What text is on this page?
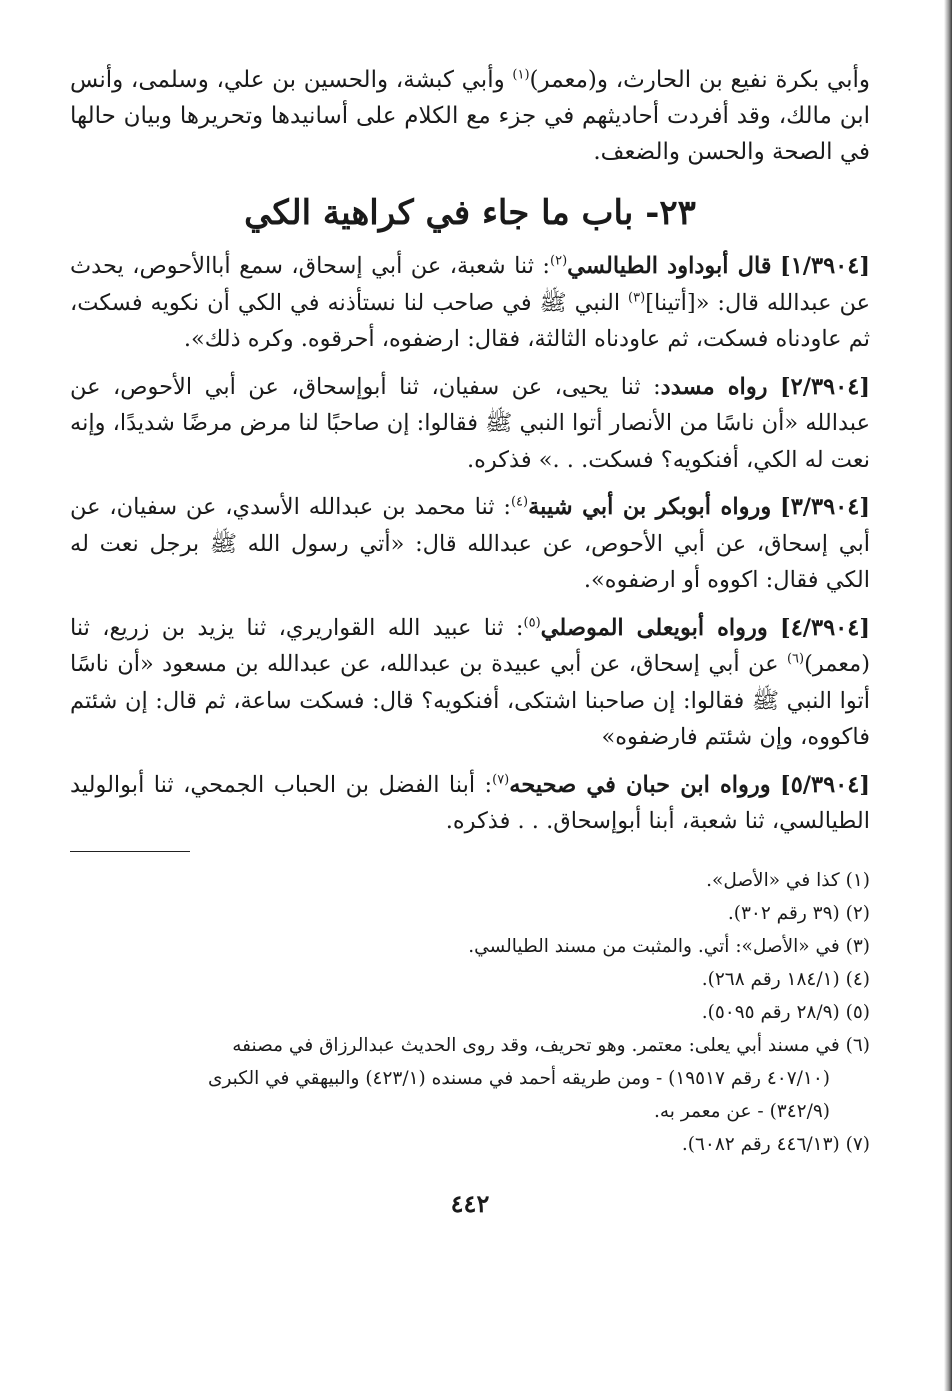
وأبي بكرة نفيع بن الحارث، و(معمر)$^{(١)}$ وأبي كبشة، والحسين بن علي، وسلمى، وأنس ابن مالك، وقد أفردت أحاديثهم في جزء مع الكلام على أسانيدها وتحريرها وبيان حالها في الصحة والحسن والضعف.

٢٣- باب ما جاء في كراهية الكي
[١/٣٩٠٤] قال أبوداود الطيالسي$^{(٢)}$: ثنا شعبة، عن أبي إسحاق، سمع أباالأحوص، يحدث عن عبدالله قال: «[أتينا]$^{(٣)}$ النبي ﷺ في صاحب لنا نستأذنه في الكي أن نكويه فسكت، ثم عاودناه فسكت، ثم عاودناه الثالثة، فقال: ارضفوه، أحرقوه. وكره ذلك».
[٢/٣٩٠٤] رواه مسدد: ثنا يحيى، عن سفيان، ثنا أبوإسحاق، عن أبي الأحوص، عن عبدالله «أن ناسًا من الأنصار أتوا النبي ﷺ فقالوا: إن صاحبًا لنا مرض مرضًا شديدًا، وإنه نعت له الكي، أفنكويه؟ فسكت. . .» فذكره.
[٣/٣٩٠٤] ورواه أبوبكر بن أبي شيبة$^{(٤)}$: ثنا محمد بن عبدالله الأسدي، عن سفيان، عن أبي إسحاق، عن أبي الأحوص، عن عبدالله قال: «أتي رسول الله ﷺ برجل نعت له الكي فقال: اكووه أو ارضفوه».
[٤/٣٩٠٤] ورواه أبويعلى الموصلي$^{(٥)}$: ثنا عبيد الله القواريري، ثنا يزيد بن زريع، ثنا (معمر)$^{(٦)}$ عن أبي إسحاق، عن أبي عبيدة بن عبدالله، عن عبدالله بن مسعود «أن ناسًا أتوا النبي ﷺ فقالوا: إن صاحبنا اشتكى، أفنكويه؟ قال: فسكت ساعة، ثم قال: إن شئتم فاكووه، وإن شئتم فارضفوه»
[٥/٣٩٠٤] ورواه ابن حبان في صحيحه$^{(٧)}$: أبنا الفضل بن الحباب الجمحي، ثنا أبوالوليد الطيالسي، ثنا شعبة، أبنا أبوإسحاق. . . فذكره.

(١) كذا في «الأصل».

(٢) (٣٩ رقم ٣٠٢).

(٣) في «الأصل»: أتي. والمثبت من مسند الطيالسي.

(٤) (١٨٤/١ رقم ٢٦٨).

(٥) (٢٨/٩ رقم ٥٠٩٥).

(٦) في مسند أبي يعلى: معتمر. وهو تحريف، وقد روى الحديث عبدالرزاق في مصنفه

(٤٠٧/١٠ رقم ١٩٥١٧) - ومن طريقه أحمد في مسنده (٤٢٣/١) والبيهقي في الكبرى

(٣٤٢/٩) - عن معمر به.

(٧) (٤٤٦/١٣ رقم ٦٠٨٢).

٤٤٢
